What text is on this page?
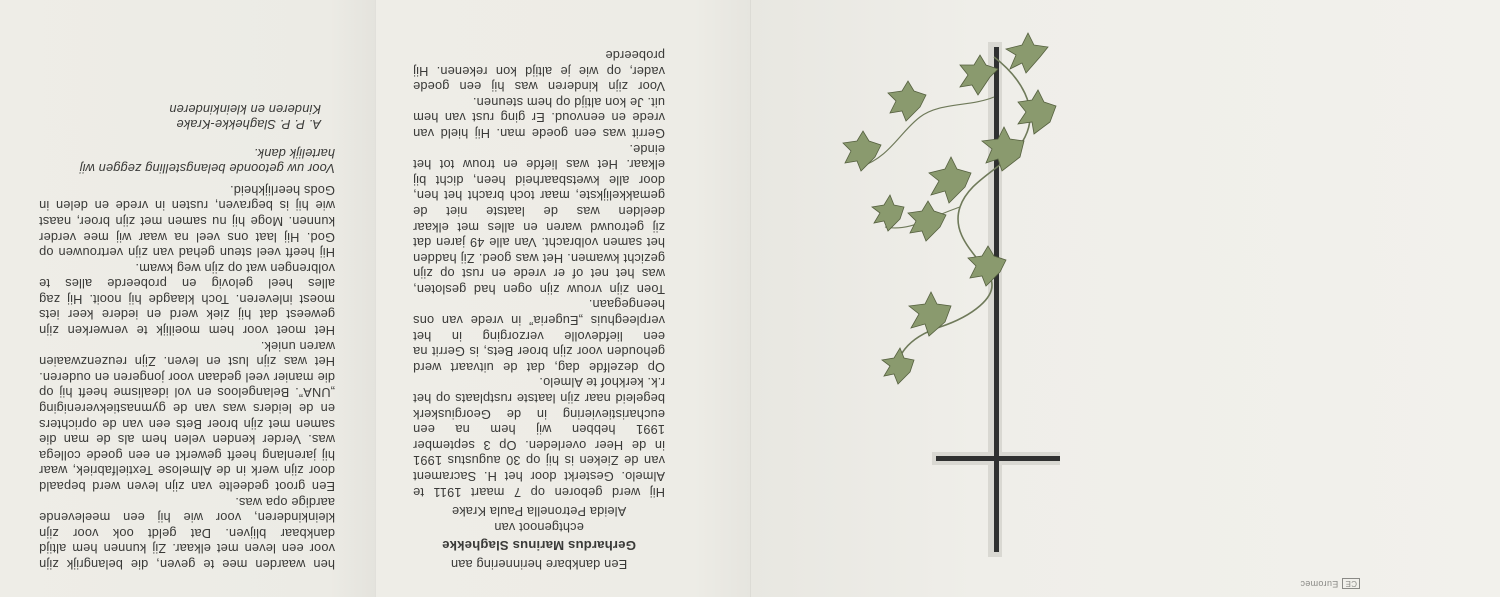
CEEuromec
Een dankbare herinnering aan
Gerhardus Marinus Slaghekke
echtgenoot van
Aleida Petronella Paula Krake

Hij werd geboren op 7 maart 1911 te Almelo. Gesterkt door het H. Sacrament van de Zieken is hij op 30 augustus 1991 in de Heer overleden. Op 3 september 1991 hebben wij hem na een eucharistieviering in de Georgiuskerk begeleid naar zijn laatste rustplaats op het r.k. kerkhof te Almelo.

Op dezelfde dag, dat de uitvaart werd gehouden voor zijn broer Bets, is Gerrit na een liefdevolle verzorging in het verpleeghuis „Eugeria” in vrede van ons heengegaan.

Toen zijn vrouw zijn ogen had gesloten, was het net of er vrede en rust op zijn gezicht kwamen. Het was goed. Zij hadden het samen volbracht. Van alle 49 jaren dat zij getrouwd waren en alles met elkaar deelden was de laatste niet de gemakkelijkste, maar toch bracht het hen, door alle kwetsbaarheid heen, dicht bij elkaar. Het was liefde en trouw tot het einde.

Gerrit was een goede man. Hij hield van vrede en eenvoud. Er ging rust van hem uit. Je kon altijd op hem steunen.

Voor zijn kinderen was hij een goede vader, op wie je altijd kon rekenen. Hij probeerde

hen waarden mee te geven, die belangrijk zijn voor een leven met elkaar. Zij kunnen hem altijd dankbaar blijven. Dat geldt ook voor zijn kleinkinderen, voor wie hij een meelevende aardige opa was.

Een groot gedeelte van zijn leven werd bepaald door zijn werk in de Almelose Textielfabriek, waar hij jarenlang heeft gewerkt en een goede collega was. Verder kenden velen hem als de man die samen met zijn broer Bets een van de oprichters en de leiders was van de gymnastiekvereniging „UNA”. Belangeloos en vol idealisme heeft hij op die manier veel gedaan voor jongeren en ouderen. Het was zijn lust en leven. Zijn reuzenzwaaien waren uniek.

Het moet voor hem moeilijk te verwerken zijn geweest dat hij ziek werd en iedere keer iets moest inleveren. Toch klaagde hij nooit. Hij zag alles heel gelovig en probeerde alles te volbrengen wat op zijn weg kwam.

Hij heeft veel steun gehad van zijn vertrouwen op God. Hij laat ons veel na waar wij mee verder kunnen. Moge hij nu samen met zijn broer, naast wie hij is begraven, rusten in vrede en delen in Gods heerlijkheid.

Voor uw getoonde belangstelling zeggen wij hartelijk dank.

A. P. P. Slaghekke-Krake
Kinderen en kleinkinderen
